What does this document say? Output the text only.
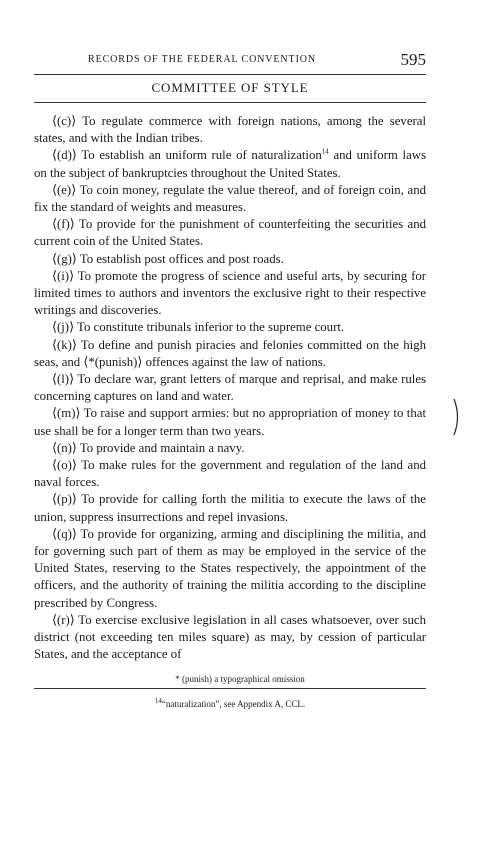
RECORDS OF THE FEDERAL CONVENTION	595
COMMITTEE OF STYLE

⟨(c)⟩ To regulate commerce with foreign nations, among the several states, and with the Indian tribes.

⟨(d)⟩ To establish an uniform rule of naturalization$^{14}$ and uniform laws on the subject of bankruptcies throughout the United States.

⟨(e)⟩ To coin money, regulate the value thereof, and of foreign coin, and fix the standard of weights and measures.

⟨(f)⟩ To provide for the punishment of counterfeiting the securities and current coin of the United States.

⟨(g)⟩ To establish post offices and post roads.

⟨(i)⟩ To promote the progress of science and useful arts, by securing for limited times to authors and inventors the exclusive right to their respective writings and discoveries.

⟨(j)⟩ To constitute tribunals inferior to the supreme court.

⟨(k)⟩ To define and punish piracies and felonies committed on the high seas, and ⟨*(punish)⟩ offences against the law of nations.

⟨(l)⟩ To declare war, grant letters of marque and reprisal, and make rules concerning captures on land and water.

⟨(m)⟩ To raise and support armies: but no appropriation of money to that use shall be for a longer term than two years.

⟨(n)⟩ To provide and maintain a navy.

⟨(o)⟩ To make rules for the government and regulation of the land and naval forces.

⟨(p)⟩ To provide for calling forth the militia to execute the laws of the union, suppress insurrections and repel invasions.

⟨(q)⟩ To provide for organizing, arming and disciplining the militia, and for governing such part of them as may be employed in the service of the United States, reserving to the States respectively, the appointment of the officers, and the authority of training the militia according to the discipline prescribed by Congress.

⟨(r)⟩ To exercise exclusive legislation in all cases whatsoever, over such district (not exceeding ten miles square) as may, by cession of particular States, and the acceptance of

* (punish) a typographical omission
$^{14}$“naturalization”, see Appendix A, CCL.
